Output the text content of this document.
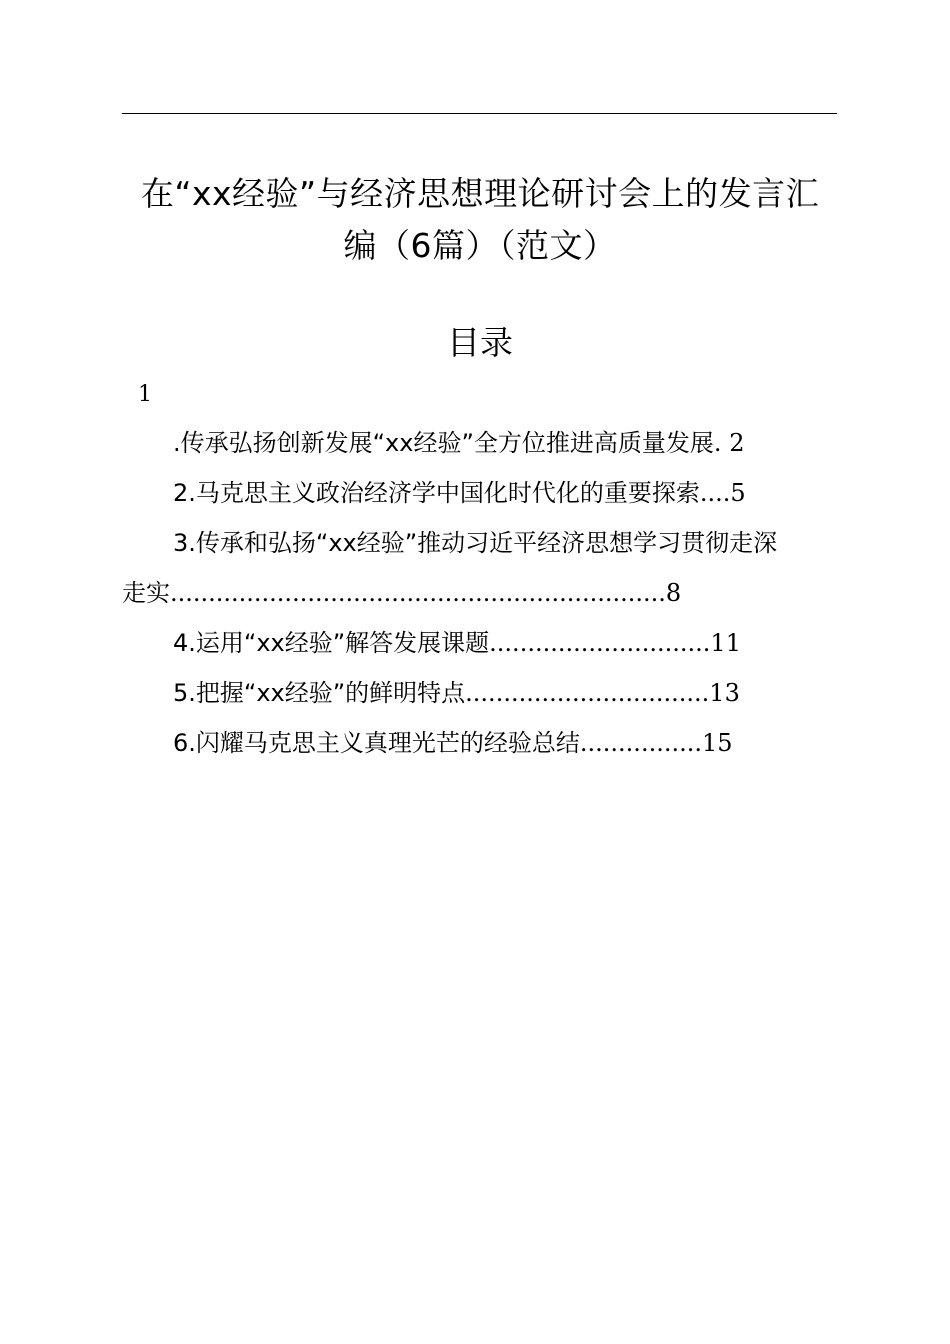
在“xx经验”与经济思想理论研讨会上的发言汇
编（6篇）（范文）
目录
1
.传承弘扬创新发展“xx经验”全方位推进高质量发展. 2
2.马克思主义政治经济学中国化时代化的重要探索....5
3.传承和弘扬“xx经验”推动习近平经济思想学习贯彻走深
走实.................................................................8
4.运用“xx经验”解答发展课题.............................11
5.把握“xx经验”的鲜明特点................................13
6.闪耀马克思主义真理光芒的经验总结................15
